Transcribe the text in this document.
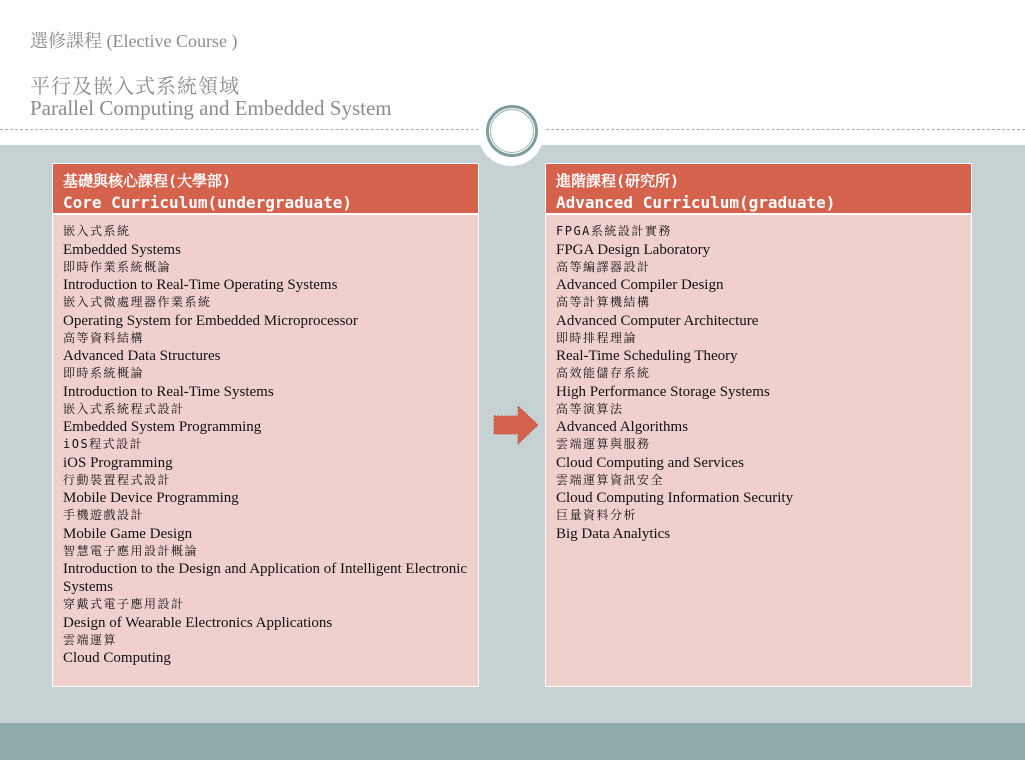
選修課程 (Elective Course )
平行及嵌入式系統領域
Parallel Computing and Embedded System
基礎與核心課程(大學部)
Core Curriculum(undergraduate)
嵌入式系統
Embedded Systems
即時作業系統概論
Introduction to Real-Time Operating Systems
嵌入式微處理器作業系統
Operating System for Embedded Microprocessor
高等資料結構
Advanced Data Structures
即時系統概論
Introduction to Real-Time Systems
嵌入式系統程式設計
Embedded System Programming
iOS程式設計
iOS Programming
行動裝置程式設計
Mobile Device Programming
手機遊戲設計
Mobile Game Design
智慧電子應用設計概論
Introduction to the Design and Application of Intelligent Electronic Systems
穿戴式電子應用設計
Design of Wearable Electronics Applications
雲端運算
Cloud Computing
進階課程(研究所)
Advanced Curriculum(graduate)
FPGA系統設計實務
FPGA Design Laboratory
高等編譯器設計
Advanced Compiler Design
高等計算機結構
Advanced Computer Architecture
即時排程理論
Real-Time Scheduling Theory
高效能儲存系統
High Performance Storage Systems
高等演算法
Advanced Algorithms
雲端運算與服務
Cloud Computing and Services
雲端運算資訊安全
Cloud Computing Information Security
巨量資料分析
Big Data Analytics
